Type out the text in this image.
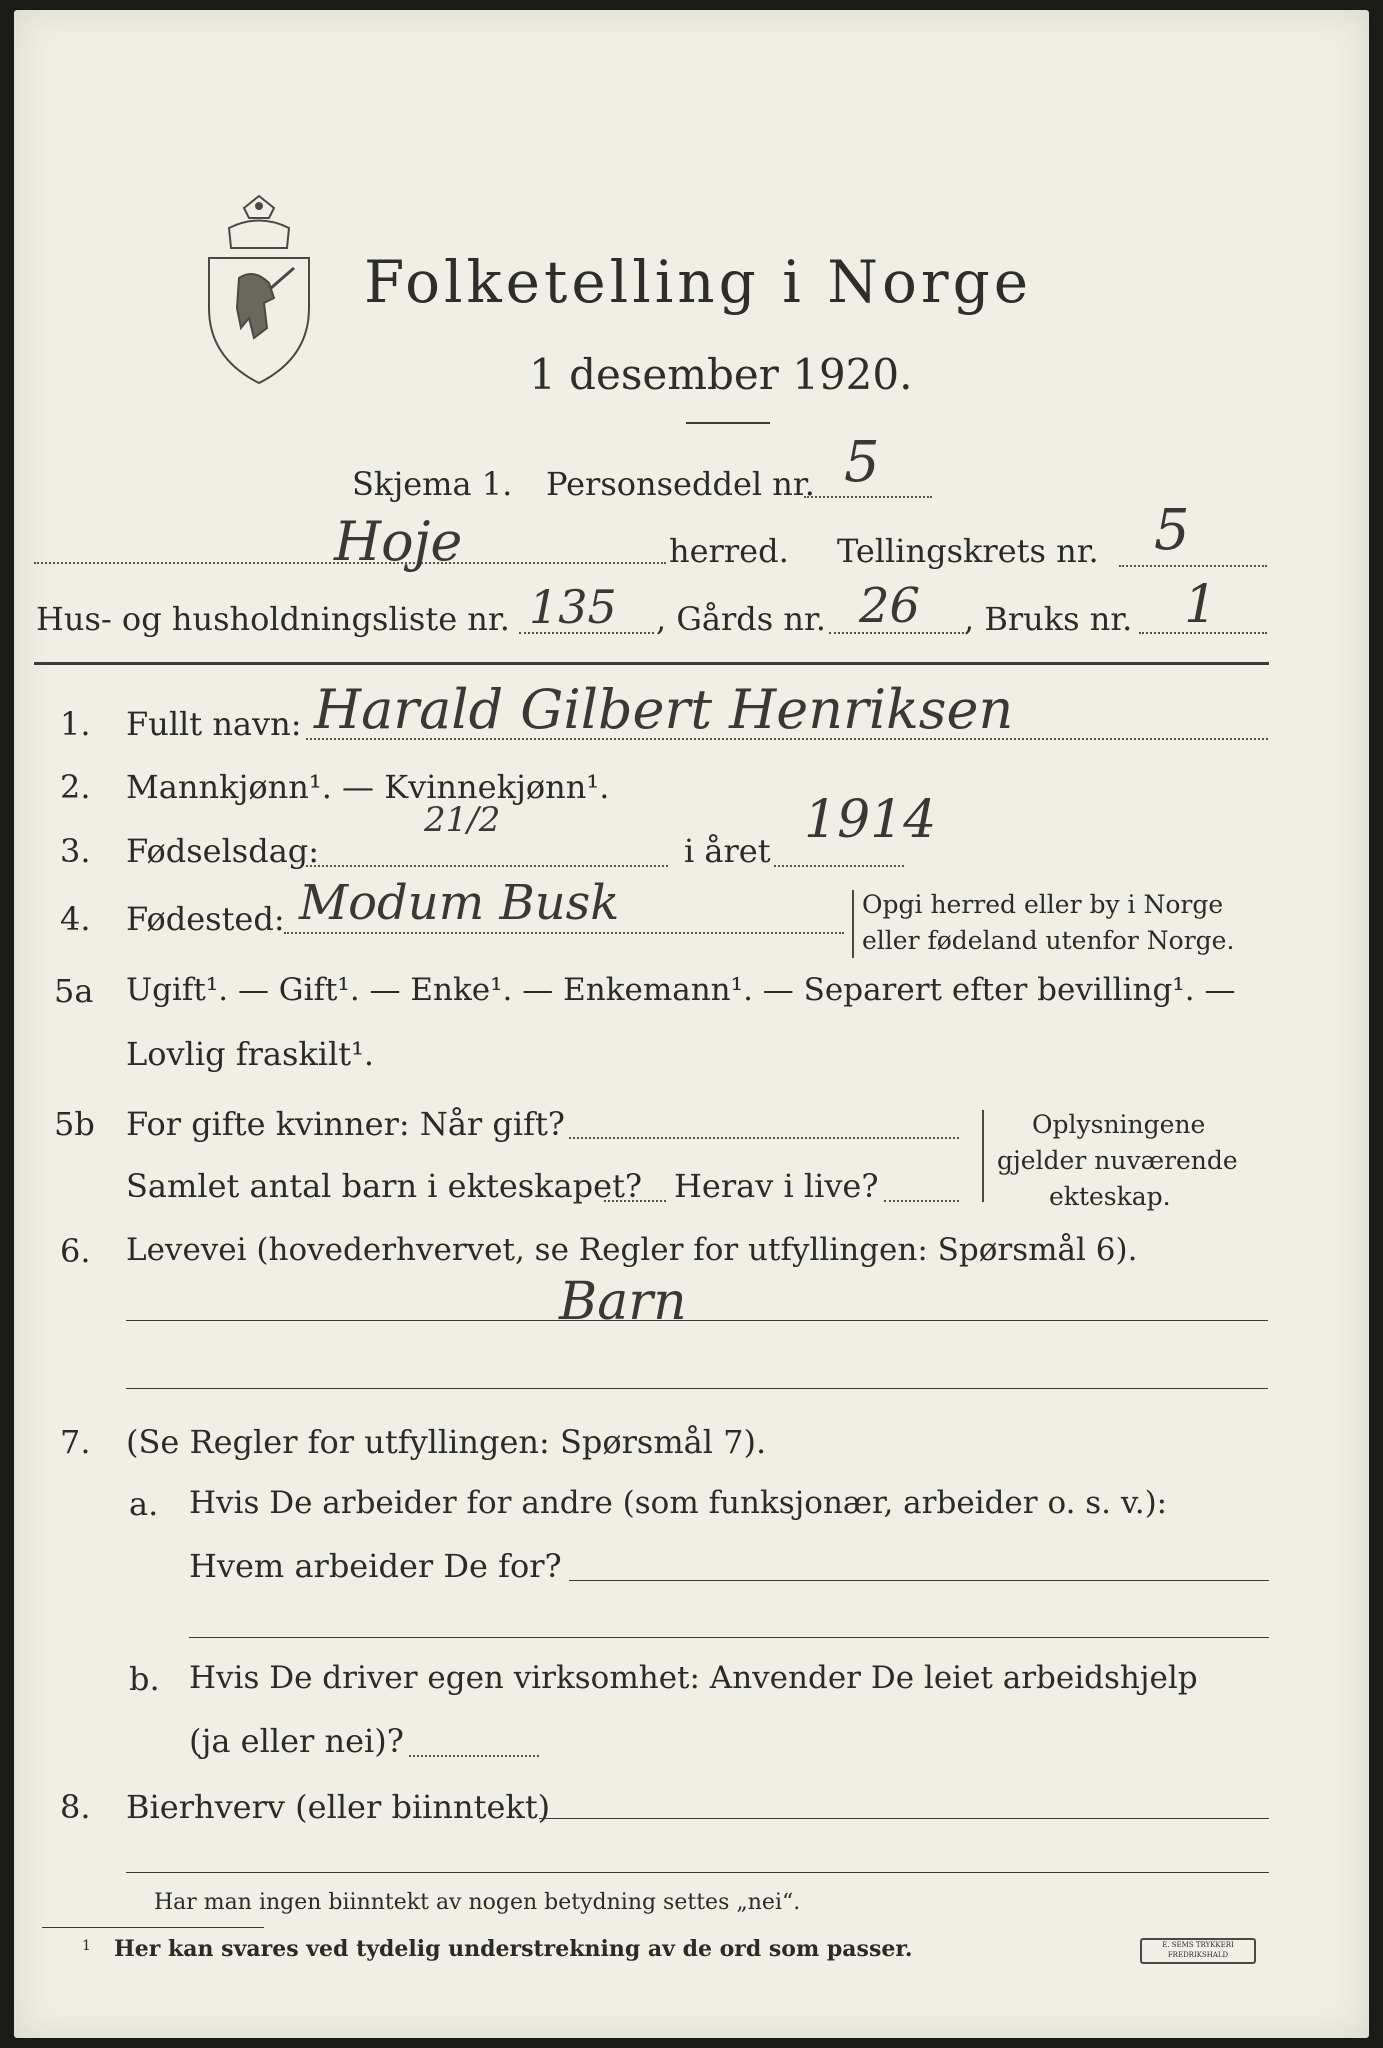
Folketelling i Norge
1 desember 1920.
Skjema 1. Personseddel nr. 5
Hoje	herred. Tellingskrets nr. 5
Hus- og husholdningsliste nr. 135 , Gårds nr. 26 , Bruks nr. 1
1. Fullt navn: Harald Gilbert Henriksen
2. Mannkjønn¹. — Kvinnekjønn¹.
3. Fødselsdag:
21/2
i året
1914
4. Fødested: Modum Busk	Opgi herred eller by i Norge
eller fødeland utenfor Norge.
5a Ugift¹. — Gift¹. — Enke¹. — Enkemann¹. — Separert efter bevilling¹. —
Lovlig fraskilt¹.
5b For gifte kvinner: Når gift?
Samlet antal barn i ekteskapet? Herav i live?
Oplysningene
gjelder nuværende
ekteskap.
6. Levevei (hovederhvervet, se Regler for utfyllingen: Spørsmål 6).
Barn
7. (Se Regler for utfyllingen: Spørsmål 7).
a. Hvis De arbeider for andre (som funksjonær, arbeider o. s. v.):
Hvem arbeider De for?
b. Hvis De driver egen virksomhet: Anvender De leiet arbeidshjelp
(ja eller nei)?
8. Bierhverv (eller biinntekt)
Har man ingen biinntekt av nogen betydning settes „nei“.
1 Her kan svares ved tydelig understrekning av de ord som passer.	E. SEMS TRYKKERI FREDRIKSHALD
